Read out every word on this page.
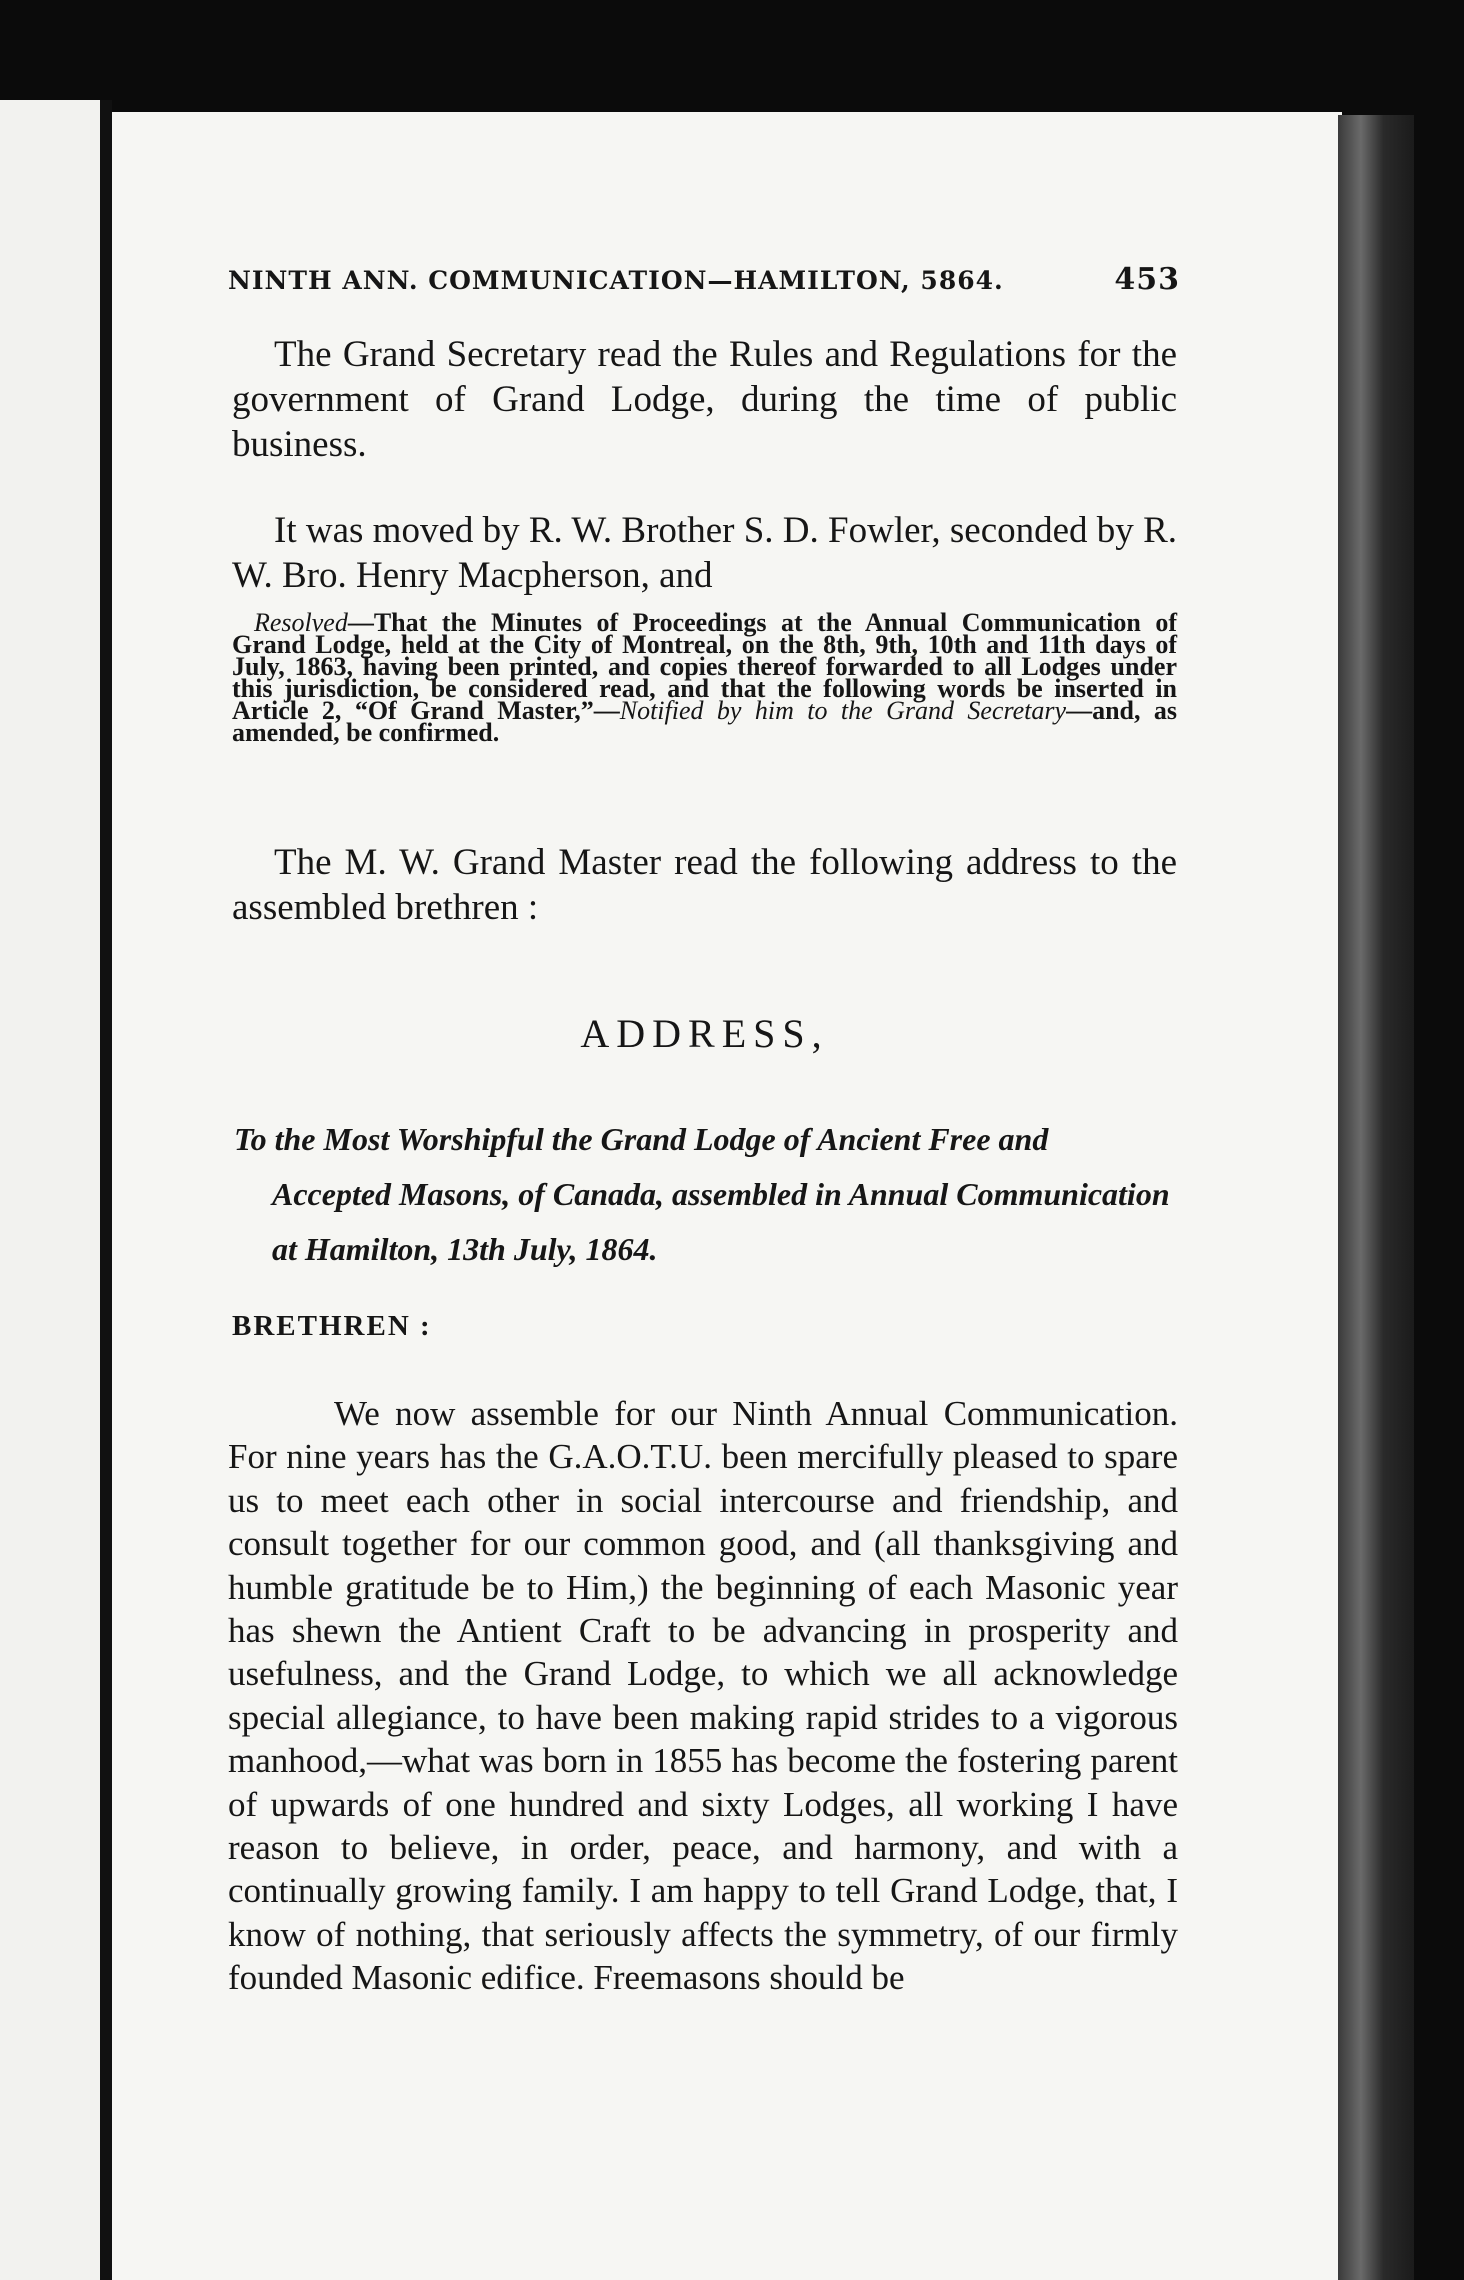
NINTH ANN. COMMUNICATION—HAMILTON, 5864.	453

The Grand Secretary read the Rules and Regulations for the government of Grand Lodge, during the time of public business.

It was moved by R. W. Brother S. D. Fowler, seconded by R. W. Bro. Henry Macpherson, and

Resolved—That the Minutes of Proceedings at the Annual Communication of Grand Lodge, held at the City of Montreal, on the 8th, 9th, 10th and 11th days of July, 1863, having been printed, and copies thereof forwarded to all Lodges under this jurisdiction, be considered read, and that the following words be inserted in Article 2, “Of Grand Master,”—Notified by him to the Grand Secretary—and, as amended, be confirmed.

The M. W. Grand Master read the following address to the assembled brethren :

ADDRESS,

To the Most Worshipful the Grand Lodge of Ancient Free and
Accepted Masons, of Canada, assembled in Annual Communication
at Hamilton, 13th July, 1864.

BRETHREN :

We now assemble for our Ninth Annual Communication. For nine years has the G.A.O.T.U. been mercifully pleased to spare us to meet each other in social intercourse and friendship, and consult together for our common good, and (all thanksgiving and humble gratitude be to Him,) the beginning of each Masonic year has shewn the Antient Craft to be advancing in prosperity and usefulness, and the Grand Lodge, to which we all acknowledge special allegiance, to have been making rapid strides to a vigorous manhood,—what was born in 1855 has become the fostering parent of upwards of one hundred and sixty Lodges, all working I have reason to believe, in order, peace, and harmony, and with a continually growing family. I am happy to tell Grand Lodge, that, I know of nothing, that seriously affects the symmetry, of our firmly founded Masonic edifice. Freemasons should be
